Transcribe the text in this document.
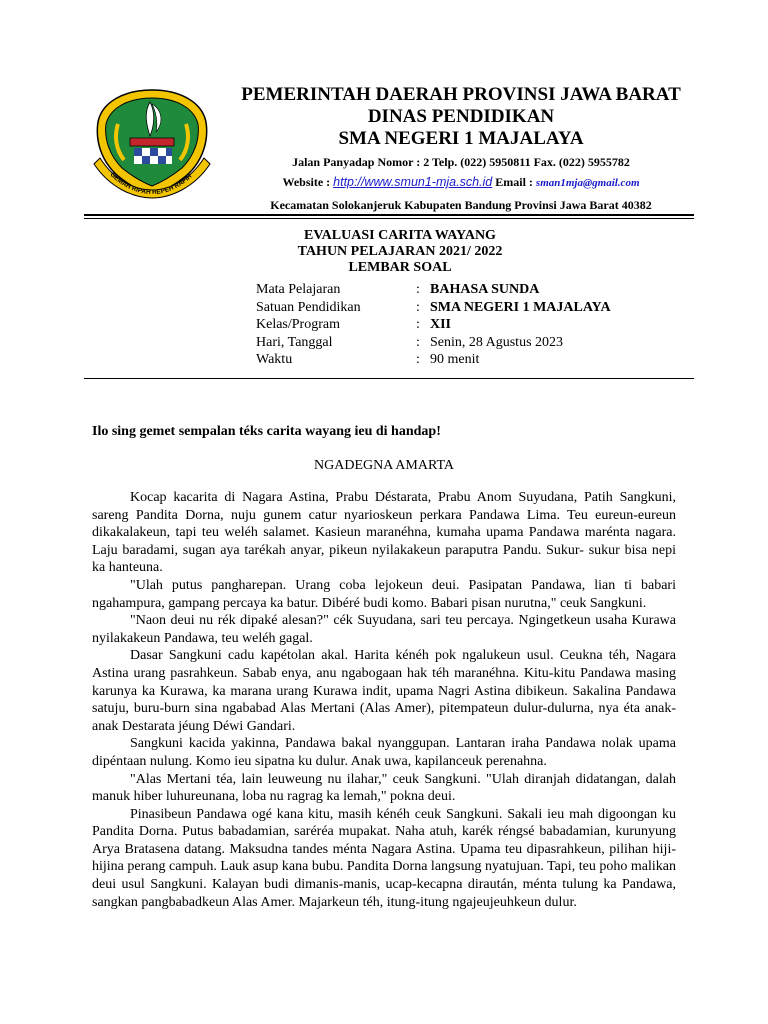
GEMAH RIPAH REPEH RAPIH
PEMERINTAH DAERAH PROVINSI JAWA BARAT
DINAS PENDIDIKAN
SMA NEGERI 1 MAJALAYA
Jalan Panyadap Nomor : 2 Telp. (022) 5950811 Fax. (022) 5955782
Website : http://www.smun1-mja.sch.id Email : sman1mja@gmail.com
Kecamatan Solokanjeruk Kabupaten Bandung Provinsi Jawa Barat 40382
EVALUASI CARITA WAYANG
TAHUN PELAJARAN 2021/ 2022
LEMBAR SOAL
Mata Pelajaran	: BAHASA SUNDA
Satuan Pendidikan	: SMA NEGERI 1 MAJALAYA
Kelas/Program	: XII
Hari, Tanggal	: Senin, 28 Agustus 2023
Waktu	: 90 menit
Ilo sing gemet sempalan téks carita wayang ieu di handap!
NGADEGNA AMARTA

Kocap kacarita di Nagara Astina, Prabu Déstarata, Prabu Anom Suyudana, Patih Sangkuni, sareng Pandita Dorna, nuju gunem catur nyarioskeun perkara Pandawa Lima. Teu eureun-eureun dikakalakeun, tapi teu weléh salamet. Kasieun maranéhna, kumaha upama Pandawa maréntа nagara. Laju baradami, sugan aya tarékah anyar, pikeun nyilakakeun paraputra Pandu. Sukur- sukur bisa nepi ka hanteuna.

"Ulah putus pangharepan. Urang coba lejokeun deui. Pasipatan Pandawa, lian ti babari ngahampura, gampang percaya ka batur. Dibéré budi komo. Babari pisan nurutna," ceuk Sangkuni.

"Naon deui nu rék dipaké alesan?" cék Suyudana, sari teu percaya. Ngingetkeun usaha Kurawa nyilakakeun Pandawa, teu weléh gagal.

Dasar Sangkuni cadu kapétolan akal. Harita kénéh pok ngalukeun usul. Ceukna téh, Nagara Astina urang pasrahkeun. Sabab enya, anu ngabogaan hak téh maranéhna. Kitu-kitu Pandawa masing karunya ka Kurawa, ka marana urang Kurawa indit, upama Nagri Astina dibikeun. Sakalina Pandawa satuju, buru-burn sina ngababad Alas Mertani (Alas Amer), pitempateun dulur-dulurna, nya éta anak- anak Destarata jéung Déwi Gandari.

Sangkuni kacida yakinna, Pandawa bakal nyanggupan. Lantaran iraha Pandawa nolak upama dipéntaan nulung. Komo ieu sipatna ku dulur. Anak uwa, kapilanceuk perenahna.

"Alas Mertani téa, lain leuweung nu ilahar," ceuk Sangkuni. "Ulah diranjah didatangan, dalah manuk hiber luhureunana, loba nu ragrag ka lemah," pokna deui.

Pinasibeun Pandawa ogé kana kitu, masih kénéh ceuk Sangkuni. Sakali ieu mah digoongan ku Pandita Dorna. Putus babadamian, saréréa mupakat. Naha atuh, karék réngsé babadamian, kurunyung Arya Bratasena datang. Maksudna tandes ménta Nagara Astina. Upama teu dipasrahkeun, pilihan hiji-hijina perang campuh. Lauk asup kana bubu. Pandita Dorna langsung nyatujuan. Tapi, teu poho malikan deui usul Sangkuni. Kalayan budi dimanis-manis, ucap-kecapna diraután, ménta tulung ka Pandawa, sangkan pangbabadkeun Alas Amer. Majarkeun téh, itung-itung ngajeujeuhkeun dulur.
